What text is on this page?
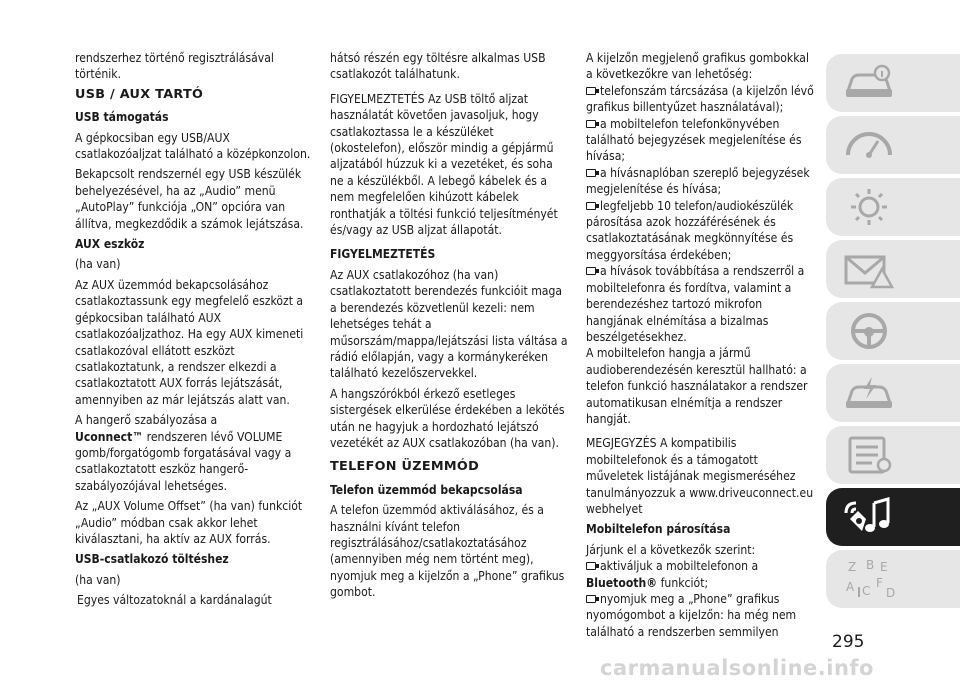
rendszerhez történő regisztrálásával történik.

USB / AUX TARTÓ
USB támogatás

A gépkocsiban egy USB/AUX csatlakozóaljzat található a középkonzolon.

Bekapcsolt rendszernél egy USB készülék behelyezésével, ha az „Audio” menü „AutoPlay” funkciója „ON” opcióra van állítva, megkezdődik a számok lejátszása.

AUX eszköz

(ha van)

Az AUX üzemmód bekapcsolásához csatlakoztassunk egy megfelelő eszközt a gépkocsiban található AUX csatlakozóaljzathoz. Ha egy AUX kimeneti csatlakozóval ellátott eszközt csatlakoztatunk, a rendszer elkezdi a csatlakoztatott AUX forrás lejátszását, amennyiben az már lejátszás alatt van.

A hangerő szabályozása a
Uconnect™ rendszeren lévő VOLUME gomb/forgatógomb forgatásával vagy a csatlakoztatott eszköz hangerő-szabályozójával lehetséges.

Az „AUX Volume Offset” (ha van) funkciót „Audio” módban csak akkor lehet kiválasztani, ha aktív az AUX forrás.

USB-csatlakozó töltéshez

(ha van)

Egyes változatoknál a kardánalagút

hátsó részén egy töltésre alkalmas USB csatlakozót találhatunk.

FIGYELMEZTETÉS Az USB töltő aljzat használatát követően javasoljuk, hogy csatlakoztassa le a készüléket (okostelefon), először mindig a gépjármű aljzatából húzzuk ki a vezetéket, és soha ne a készülékből. A lebegő kábelek és a nem megfelelően kihúzott kábelek ronthatják a töltési funkció teljesítményét és/vagy az USB aljzat állapotát.

FIGYELMEZTETÉS

Az AUX csatlakozóhoz (ha van) csatlakoztatott berendezés funkcióit maga a berendezés közvetlenül kezeli: nem lehetséges tehát a műsorszám/mappa/lejátszási lista váltása a rádió előlapján, vagy a kormánykeréken található kezelőszervekkel.

A hangszórókból érkező esetleges sistergések elkerülése érdekében a lekötés után ne hagyjuk a hordozható lejátszó vezetékét az AUX csatlakozóban (ha van).

TELEFON ÜZEMMÓD
Telefon üzemmód bekapcsolása

A telefon üzemmód aktiválásához, és a használni kívánt telefon regisztrálásához/csatlakoztatásához (amennyiben még nem történt meg), nyomjuk meg a kijelzőn a „Phone” grafikus gombot.

A kijelzőn megjelenő grafikus gombokkal a következőkre van lehetőség:

telefonszám tárcsázása (a kijelzőn lévő grafikus billentyűzet használatával);

a mobiltelefon telefonkönyvében található bejegyzések megjelenítése és hívása;

a hívásnaplóban szereplő bejegyzések megjelenítése és hívása;

legfeljebb 10 telefon/audiokészülék párosítása azok hozzáférésének és csatlakoztatásának megkönnyítése és meggyorsítása érdekében;

a hívások továbbítása a rendszerről a mobiltelefonra és fordítva, valamint a berendezéshez tartozó mikrofon hangjának elnémítása a bizalmas beszélgetésekhez.

A mobiltelefon hangja a jármű audioberendezésén keresztül hallható: a telefon funkció használatakor a rendszer automatikusan elnémítja a rendszer hangját.

MEGJEGYZÉS A kompatibilis mobiltelefonok és a támogatott műveletek listájának megismeréséhez tanulmányozzuk a www.driveuconnect.eu webhelyet

Mobiltelefon párosítása

Járjunk el a következők szerint:

aktiváljuk a mobiltelefonon a
Bluetooth® funkciót;

nyomjuk meg a „Phone” grafikus nyomógombot a kijelzőn: ha még nem található a rendszerben semmilyen

Z B E
A C
F
D
295
carmanualsonline.info
